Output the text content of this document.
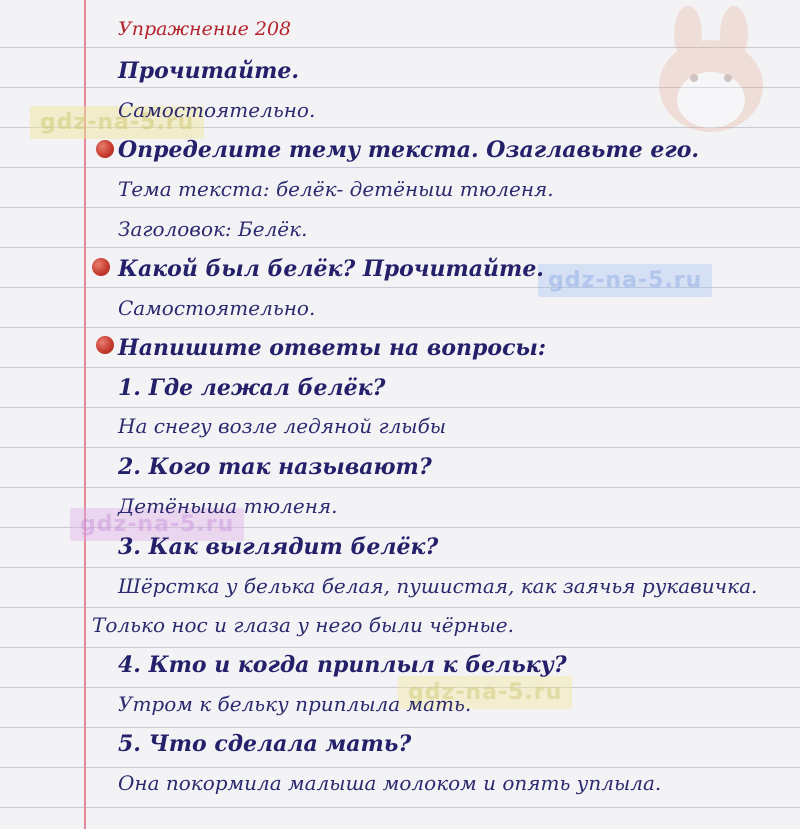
gdz-na-5.ru
gdz-na-5.ru
gdz-na-5.ru
gdz-na-5.ru
Упражнение 208
Прочитайте.
Самостоятельно.
Определите тему текста. Озаглавьте его.
Тема текста: белёк- детёныш тюленя.
Заголовок: Белёк.
Какой был белёк? Прочитайте.
Самостоятельно.
Напишите ответы на вопросы:
1. Где лежал белёк?
На снегу возле ледяной глыбы
2. Кого так называют?
Детёныша тюленя.
3. Как выглядит белёк?
Шёрстка у белька белая, пушистая, как заячья рукавичка.
Только нос и глаза у него были чёрные.
4. Кто и когда приплыл к бельку?
Утром к бельку приплыла мать.
5. Что сделала мать?
Она покормила малыша молоком и опять уплыла.
